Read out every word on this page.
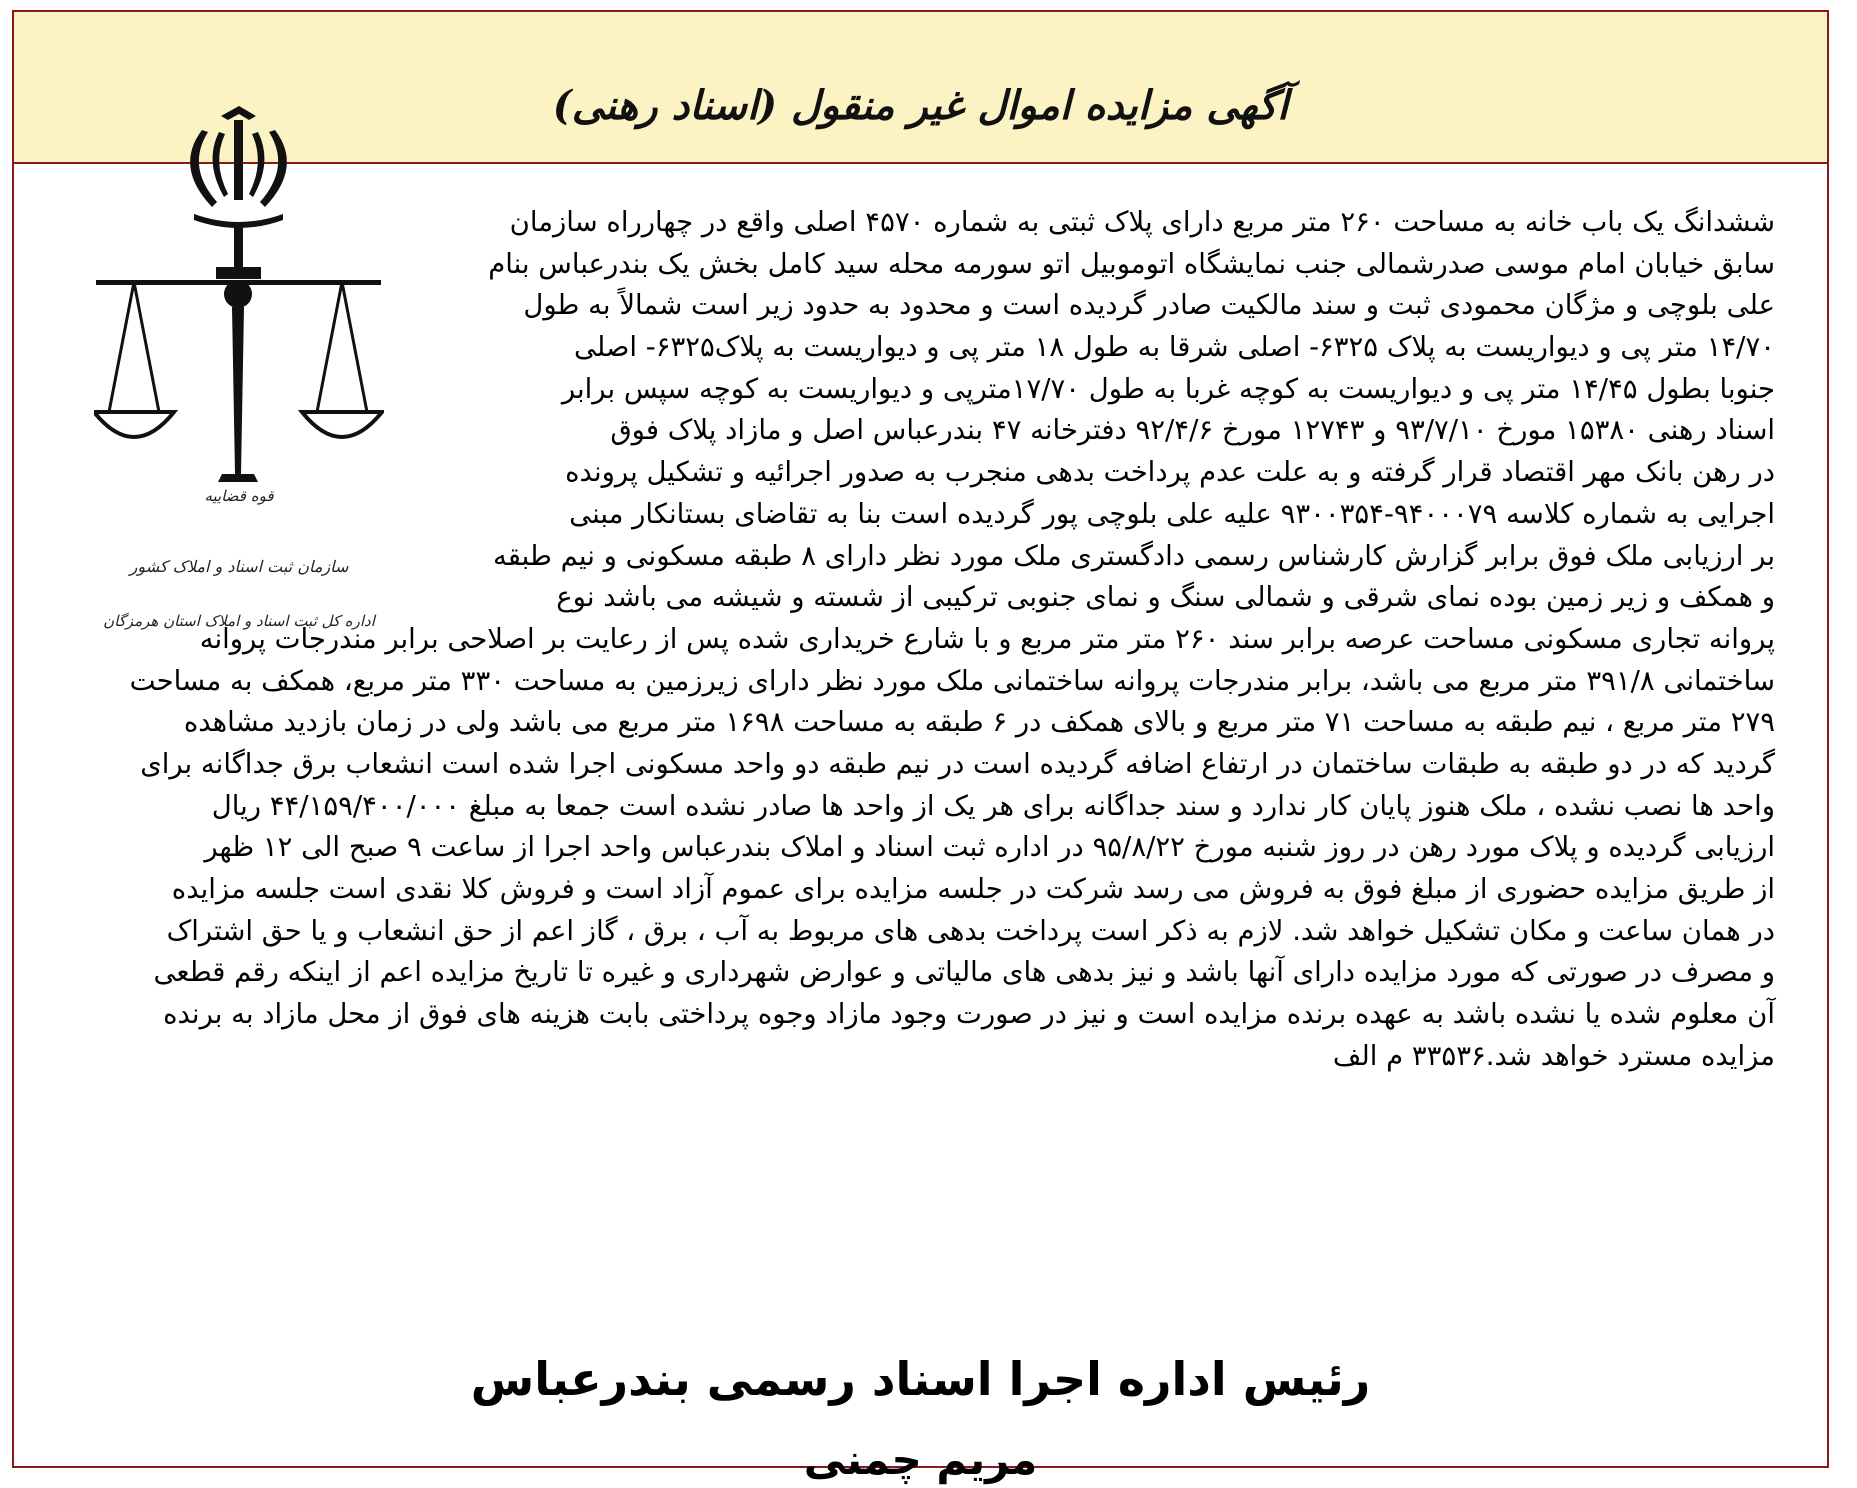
آگهی مزایده اموال غیر منقول (اسناد رهنی)
قوه قضاییه
سازمان ثبت اسناد و املاک کشور
اداره کل ثبت اسناد و املاک استان هرمزگان
ششدانگ یک باب خانه به مساحت ۲۶۰ متر مربع دارای پلاک ثبتی به شماره ۴۵۷۰ اصلی واقع در چهارراه سازمان
سابق خیابان امام موسی صدرشمالی جنب نمایشگاه اتوموبیل اتو سورمه محله سید کامل بخش یک بندرعباس بنام
علی بلوچی و مژگان محمودی ثبت و سند مالکیت صادر گردیده است و محدود به حدود زیر است شمالاً به طول
۱۴/۷۰ متر پی و دیواریست به پلاک ۶۳۲۵- اصلی شرقا به طول ۱۸ متر پی و دیواریست به پلاک۶۳۲۵- اصلی
جنوبا بطول ۱۴/۴۵ متر پی و دیواریست به کوچه غربا به طول ۱۷/۷۰مترپی و دیواریست به کوچه سپس برابر
اسناد رهنی ۱۵۳۸۰ مورخ ۹۳/۷/۱۰ و ۱۲۷۴۳ مورخ ۹۲/۴/۶ دفترخانه ۴۷ بندرعباس اصل و مازاد پلاک فوق
در رهن بانک مهر اقتصاد قرار گرفته و به علت عدم پرداخت بدهی منجرب به صدور اجرائیه و تشکیل پرونده
اجرایی به شماره کلاسه ۹۴۰۰۰۷۹-۹۳۰۰۳۵۴ علیه علی بلوچی پور گردیده است بنا به تقاضای بستانکار مبنی
بر ارزیابی ملک فوق برابر گزارش کارشناس رسمی دادگستری ملک مورد نظر دارای ۸ طبقه مسکونی و نیم طبقه
و همکف و زیر زمین بوده نمای شرقی و شمالی سنگ و نمای جنوبی ترکیبی از شسته و شیشه می باشد نوع
پروانه تجاری مسکونی مساحت عرصه برابر سند ۲۶۰ متر متر مربع و با شارع خریداری شده پس از رعایت بر اصلاحی برابر مندرجات پروانه
ساختمانی ۳۹۱/۸ متر مربع می باشد، برابر مندرجات پروانه ساختمانی ملک مورد نظر دارای زیرزمین به مساحت ۳۳۰ متر مربع، همکف به مساحت
۲۷۹ متر مربع ، نیم طبقه به مساحت ۷۱ متر مربع و بالای همکف در ۶ طبقه به مساحت ۱۶۹۸ متر مربع می باشد ولی در زمان بازدید مشاهده
گردید که در دو طبقه به طبقات ساختمان در ارتفاع اضافه گردیده است در نیم طبقه دو واحد مسکونی اجرا شده است انشعاب برق جداگانه برای
واحد ها نصب نشده ، ملک هنوز پایان کار ندارد و سند جداگانه برای هر یک از واحد ها صادر نشده است جمعا به مبلغ ۴۴/۱۵۹/۴۰۰/۰۰۰ ریال
ارزیابی گردیده و پلاک مورد رهن در روز شنبه مورخ ۹۵/۸/۲۲ در اداره ثبت اسناد و املاک بندرعباس واحد اجرا از ساعت ۹ صبح الی ۱۲ ظهر
از طریق مزایده حضوری از مبلغ فوق به فروش می رسد شرکت در جلسه مزایده برای عموم آزاد است و فروش کلا نقدی است جلسه مزایده
در همان ساعت و مکان تشکیل خواهد شد. لازم به ذکر است پرداخت بدهی های مربوط به آب ، برق ، گاز اعم از حق انشعاب و یا حق اشتراک
و مصرف در صورتی که مورد مزایده دارای آنها باشد و نیز بدهی های مالیاتی و عوارض شهرداری و غیره تا تاریخ مزایده اعم از اینکه رقم قطعی
آن معلوم شده یا نشده باشد به عهده برنده مزایده است و نیز در صورت وجود مازاد وجوه پرداختی بابت هزینه های فوق از محل مازاد به برنده
مزایده مسترد خواهد شد.۳۳۵۳۶ م الف
رئیس اداره اجرا اسناد رسمی بندرعباس
مریم چمنی
